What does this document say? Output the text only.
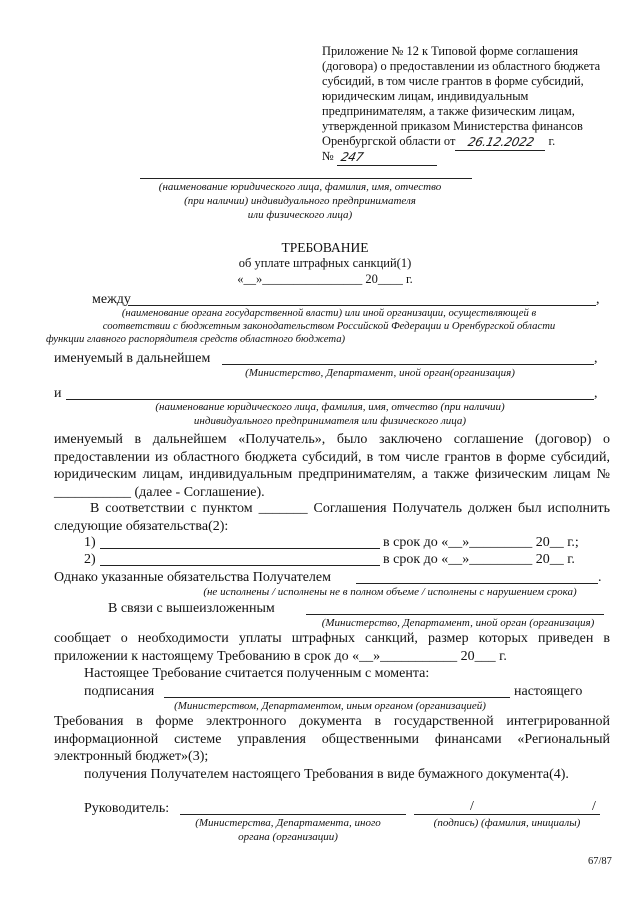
Приложение № 12 к Типовой форме соглашения
(договора) о предоставлении из областного бюджета
субсидий, в том числе грантов в форме субсидий,
юридическим лицам, индивидуальным
предпринимателям, а также физическим лицам,
утвержденной приказом Министерства финансов
Оренбургской области от 26.12.2022 г.
№ 247
(наименование юридического лица, фамилия, имя, отчество
(при наличии) индивидуального предпринимателя
или физического лица)
ТРЕБОВАНИЕ
об уплате штрафных санкций(1)
«__»________________ 20____ г.
между	,
(наименование органа государственной власти) или иной организации, осуществляющей в
соответствии с бюджетным законодательством Российской Федерации и Оренбургской области
функции главного распорядителя средств областного бюджета)
именуемый в дальнейшем	,
(Министерство, Департамент, иной орган(организация)
и	,
(наименование юридического лица, фамилия, имя, отчество (при наличии)
индивидуального предпринимателя или физического лица)
именуемый в дальнейшем «Получатель», было заключено соглашение (договор) о предоставлении из областного бюджета субсидий, в том числе грантов в форме субсидий, юридическим лицам, индивидуальным предпринимателям, а также физическим лицам № ___________ (далее - Соглашение).
В соответствии с пунктом _______ Соглашения Получатель должен был исполнить следующие обязательства(2):
1)	в срок до «__»_________ 20__ г.;
2)	в срок до «__»_________ 20__ г.
Однако указанные обязательства Получателем	.
(не исполнены / исполнены не в полном объеме / исполнены с нарушением срока)
В связи с вышеизложенным
(Министерство, Департамент, иной орган (организация)
сообщает о необходимости уплаты штрафных санкций, размер которых приведен в приложении к настоящему Требованию в срок до «__»___________ 20___ г.
Настоящее Требование считается полученным с момента:
подписания	настоящего
(Министерством, Департаментом, иным органом (организацией)
Требования в форме электронного документа в государственной интегрированной информационной системе управления общественными финансами «Региональный электронный бюджет»(3);
получения Получателем настоящего Требования в виде бумажного документа(4).
Руководитель:	/	/
(Министерства, Департамента, иного
органа (организации)
(подпись) (фамилия, инициалы)
67/87
